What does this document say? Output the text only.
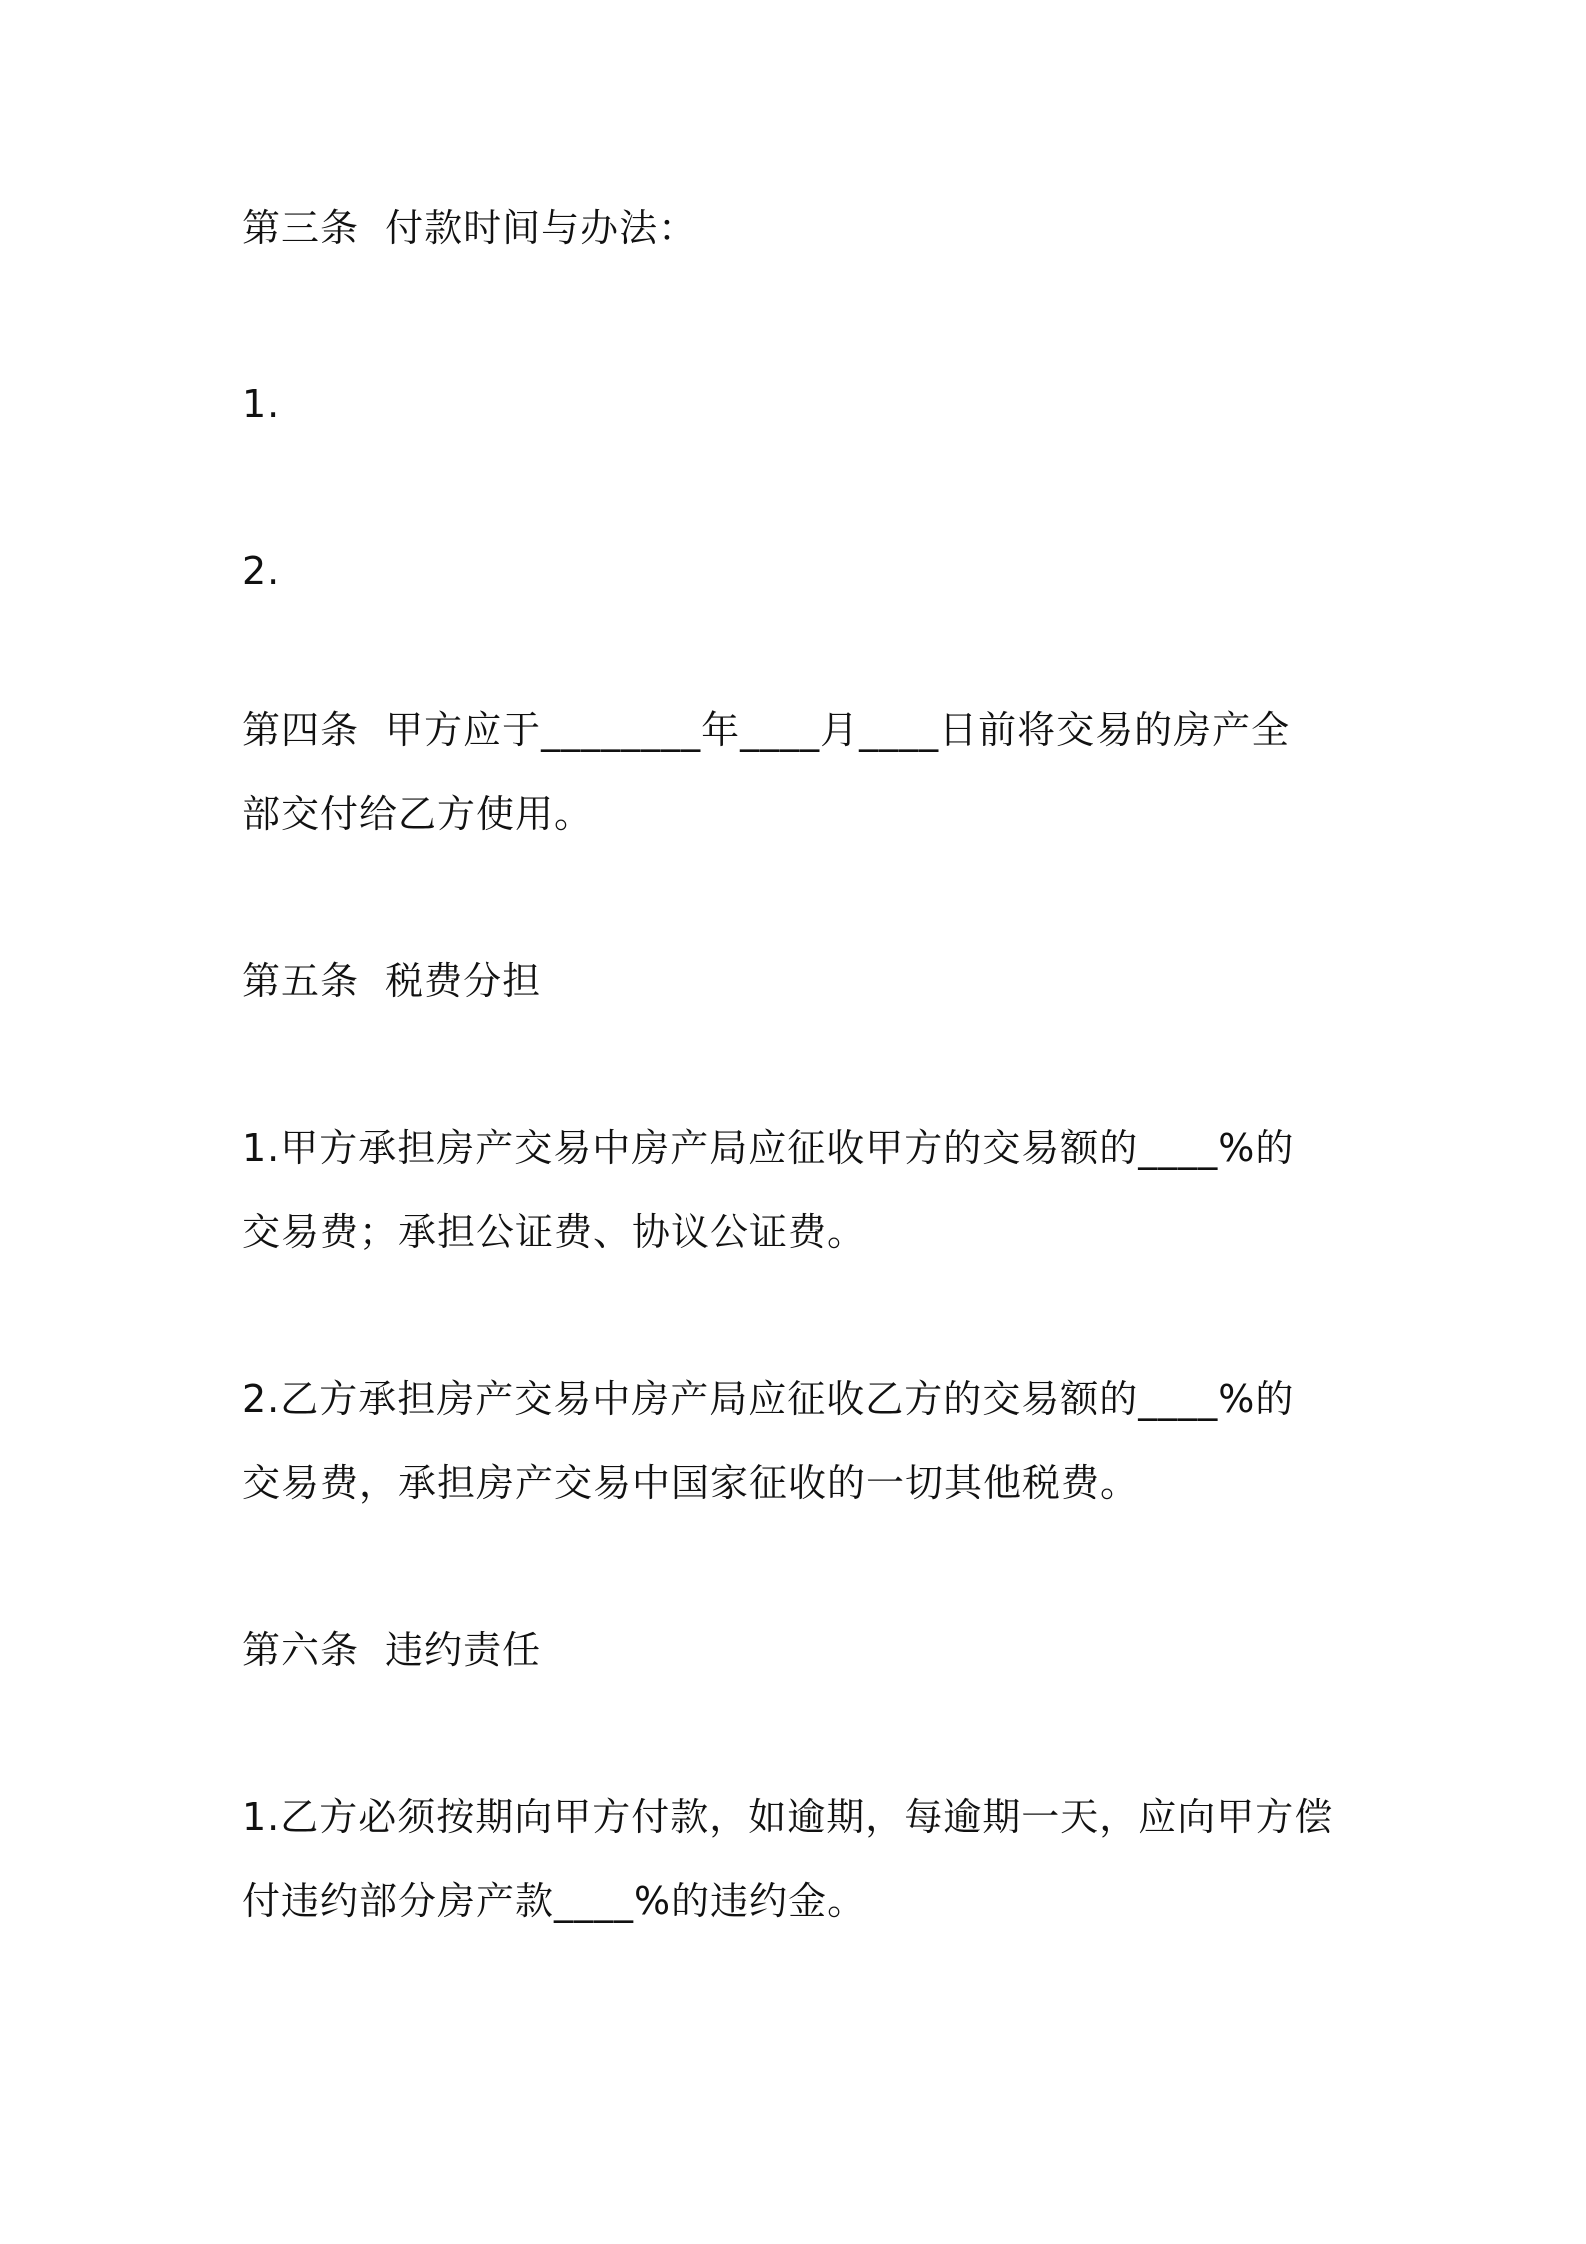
第三条  付款时间与办法：
1.
2.
第四条  甲方应于________年____月____日前将交易的房产全
部交付给乙方使用。
第五条  税费分担
1.甲方承担房产交易中房产局应征收甲方的交易额的____%的
交易费；承担公证费、协议公证费。
2.乙方承担房产交易中房产局应征收乙方的交易额的____%的
交易费，承担房产交易中国家征收的一切其他税费。
第六条  违约责任
1.乙方必须按期向甲方付款，如逾期，每逾期一天，应向甲方偿
付违约部分房产款____%的违约金。
